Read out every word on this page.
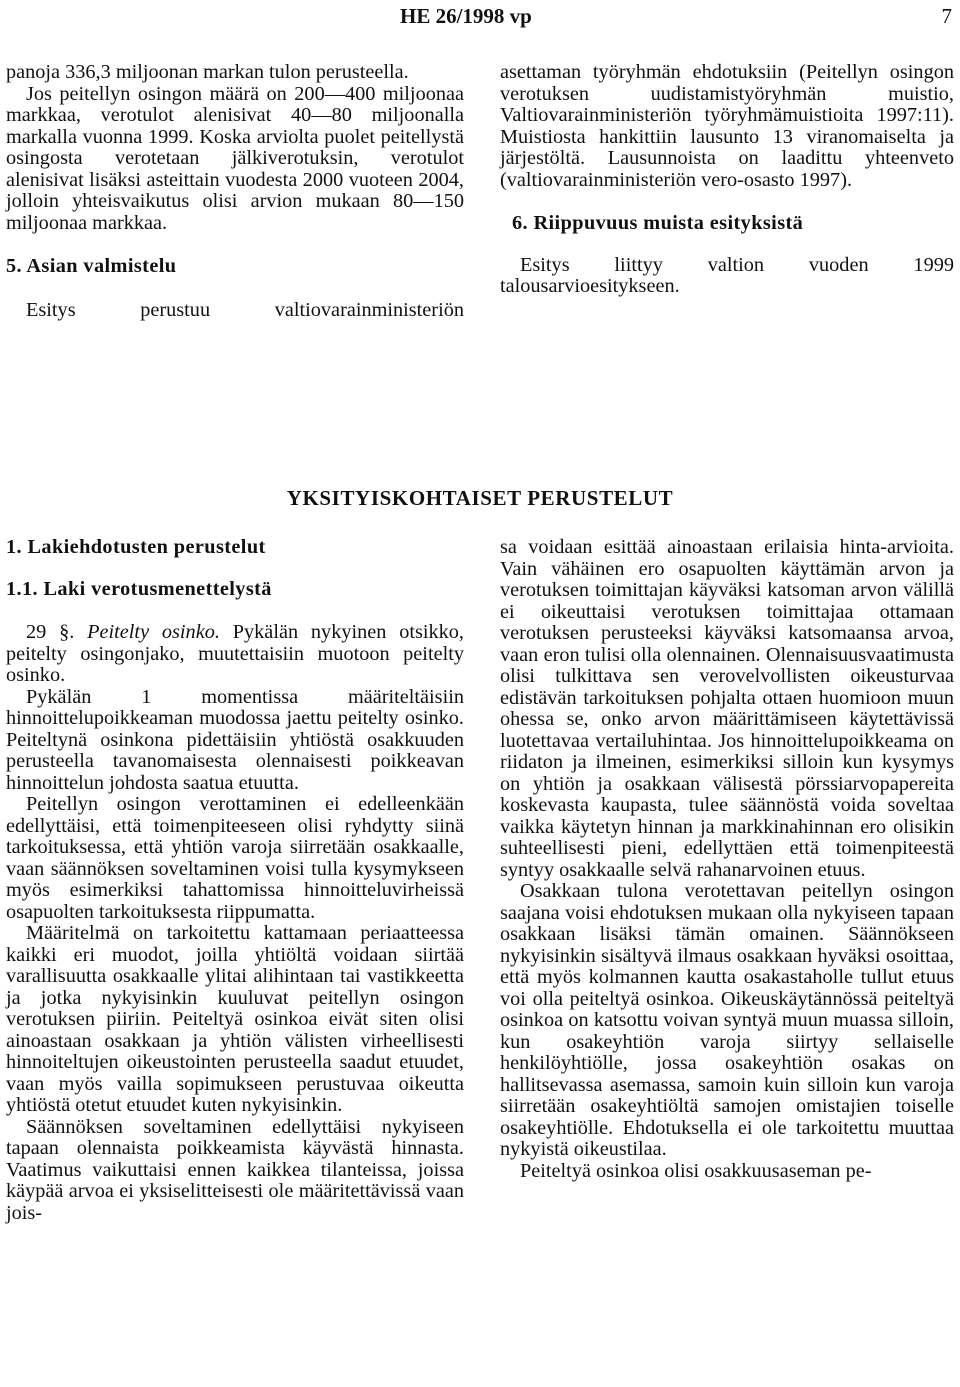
HE 26/1998 vp	7

panoja 336,3 miljoonan markan tulon perusteella.

Jos peitellyn osingon määrä on 200—400 miljoonaa markkaa, verotulot alenisivat 40—80 miljoonalla markalla vuonna 1999. Koska arviolta puolet peitellystä osingosta verotetaan jälkiverotuksin, verotulot alenisivat lisäksi asteittain vuodesta 2000 vuoteen 2004, jolloin yhteisvaikutus olisi arvion mukaan 80—150 miljoonaa markkaa.

5. Asian valmistelu

Esitys	perustuu	valtiovarainministeriön

asettaman työryhmän ehdotuksiin (Peitellyn osingon verotuksen uudistamistyöryhmän muistio, Valtiovarainministeriön työryhmämuistioita 1997:11). Muistiosta hankittiin lausunto 13 viranomaiselta ja järjestöltä. Lausunnoista on laadittu yhteenveto (valtiovarainministeriön vero-osasto 1997).

6. Riippuvuus muista esityksistä

Esitys liittyy valtion vuoden 1999 talousarvioesitykseen.

YKSITYISKOHTAISET PERUSTELUT

1. Lakiehdotusten perustelut

1.1. Laki verotusmenettelystä

29 §. Peitelty osinko. Pykälän nykyinen otsikko, peitelty osingonjako, muutettaisiin muotoon peitelty osinko.

Pykälän 1 momentissa määriteltäisiin hinnoittelupoikkeaman muodossa jaettu peitelty osinko. Peiteltynä osinkona pidettäisiin yhtiöstä osakkuuden perusteella tavanomaisesta olennaisesti poikkeavan hinnoittelun johdosta saatua etuutta.

Peitellyn osingon verottaminen ei edelleenkään edellyttäisi, että toimenpiteeseen olisi ryhdytty siinä tarkoituksessa, että yhtiön varoja siirretään osakkaalle, vaan säännöksen soveltaminen voisi tulla kysymykseen myös esimerkiksi tahattomissa hinnoitteluvirheissä osapuolten tarkoituksesta riippumatta.

Määritelmä on tarkoitettu kattamaan periaatteessa kaikki eri muodot, joilla yhtiöltä voidaan siirtää varallisuutta osakkaalle ylitai alihintaan tai vastikkeetta ja jotka nykyisinkin kuuluvat peitellyn osingon verotuksen piiriin. Peiteltyä osinkoa eivät siten olisi ainoastaan osakkaan ja yhtiön välisten virheellisesti hinnoiteltujen oikeustointen perusteella saadut etuudet, vaan myös vailla sopimukseen perustuvaa oikeutta yhtiöstä otetut etuudet kuten nykyisinkin.

Säännöksen soveltaminen edellyttäisi nykyiseen tapaan olennaista poikkeamista käyvästä hinnasta. Vaatimus vaikuttaisi ennen kaikkea tilanteissa, joissa käypää arvoa ei yksiselitteisesti ole määritettävissä vaan jois-

sa voidaan esittää ainoastaan erilaisia hinta-arvioita. Vain vähäinen ero osapuolten käyttämän arvon ja verotuksen toimittajan käyväksi katsoman arvon välillä ei oikeuttaisi verotuksen toimittajaa ottamaan verotuksen perusteeksi käyväksi katsomaansa arvoa, vaan eron tulisi olla olennainen. Olennaisuusvaatimusta olisi tulkittava sen verovelvollisten oikeusturvaa edistävän tarkoituksen pohjalta ottaen huomioon muun ohessa se, onko arvon määrittämiseen käytettävissä luotettavaa vertailuhintaa. Jos hinnoittelupoikkeama on riidaton ja ilmeinen, esimerkiksi silloin kun kysymys on yhtiön ja osakkaan välisestä pörssiarvopapereita koskevasta kaupasta, tulee säännöstä voida soveltaa vaikka käytetyn hinnan ja markkinahinnan ero olisikin suhteellisesti pieni, edellyttäen että toimenpiteestä syntyy osakkaalle selvä rahanarvoinen etuus.

Osakkaan tulona verotettavan peitellyn osingon saajana voisi ehdotuksen mukaan olla nykyiseen tapaan osakkaan lisäksi tämän omainen. Säännökseen nykyisinkin sisältyvä ilmaus osakkaan hyväksi osoittaa, että myös kolmannen kautta osakastaholle tullut etuus voi olla peiteltyä osinkoa. Oikeuskäytännössä peiteltyä osinkoa on katsottu voivan syntyä muun muassa silloin, kun osakeyhtiön varoja siirtyy sellaiselle henkilöyhtiölle, jossa osakeyhtiön osakas on hallitsevassa asemassa, samoin kuin silloin kun varoja siirretään osakeyhtiöltä samojen omistajien toiselle osakeyhtiölle. Ehdotuksella ei ole tarkoitettu muuttaa nykyistä oikeustilaa.

Peiteltyä osinkoa olisi osakkuusaseman pe-
